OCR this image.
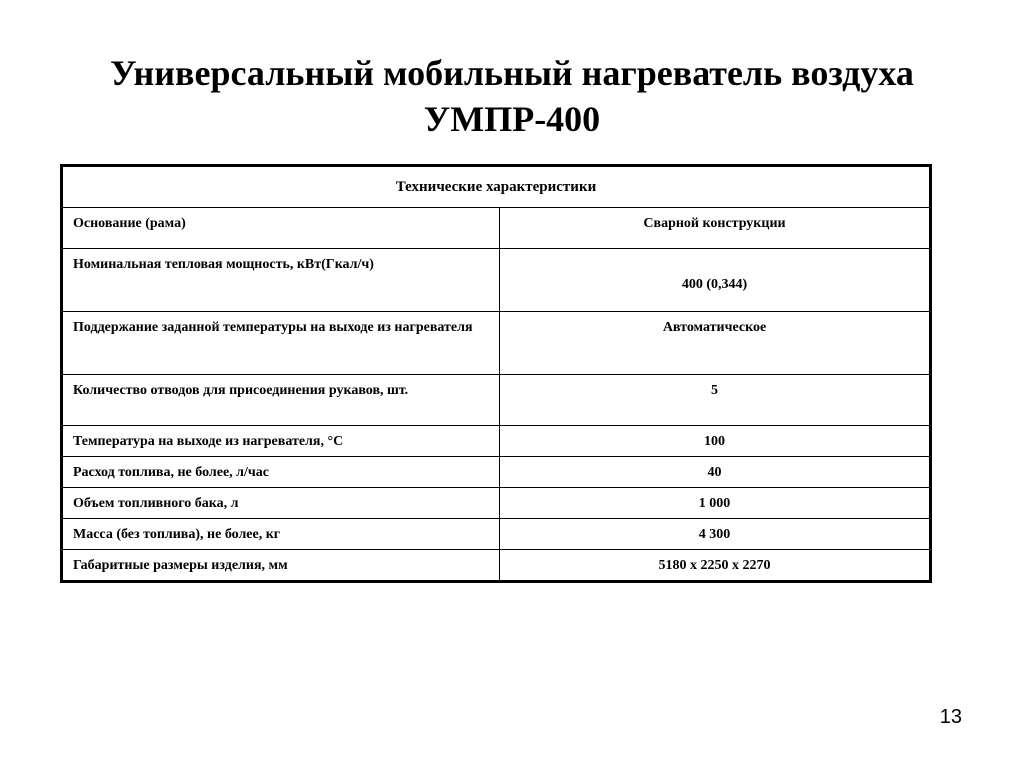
Универсальный мобильный нагреватель воздуха
УМПР-400
Технические характеристики	
Основание (рама)	Сварной конструкции
Номинальная тепловая мощность, кВт(Гкал/ч)	400 (0,344)

Поддержание заданной температуры на выходе из нагревателя	Автоматическое
Количество отводов для присоединения рукавов, шт.	5
Температура на выходе из нагревателя, °С	100
Расход топлива, не более, л/час	40
Объем топливного бака, л	1 000
Масса (без топлива), не более, кг	4 300
Габаритные размеры изделия, мм	5180 х 2250 х 2270
13
